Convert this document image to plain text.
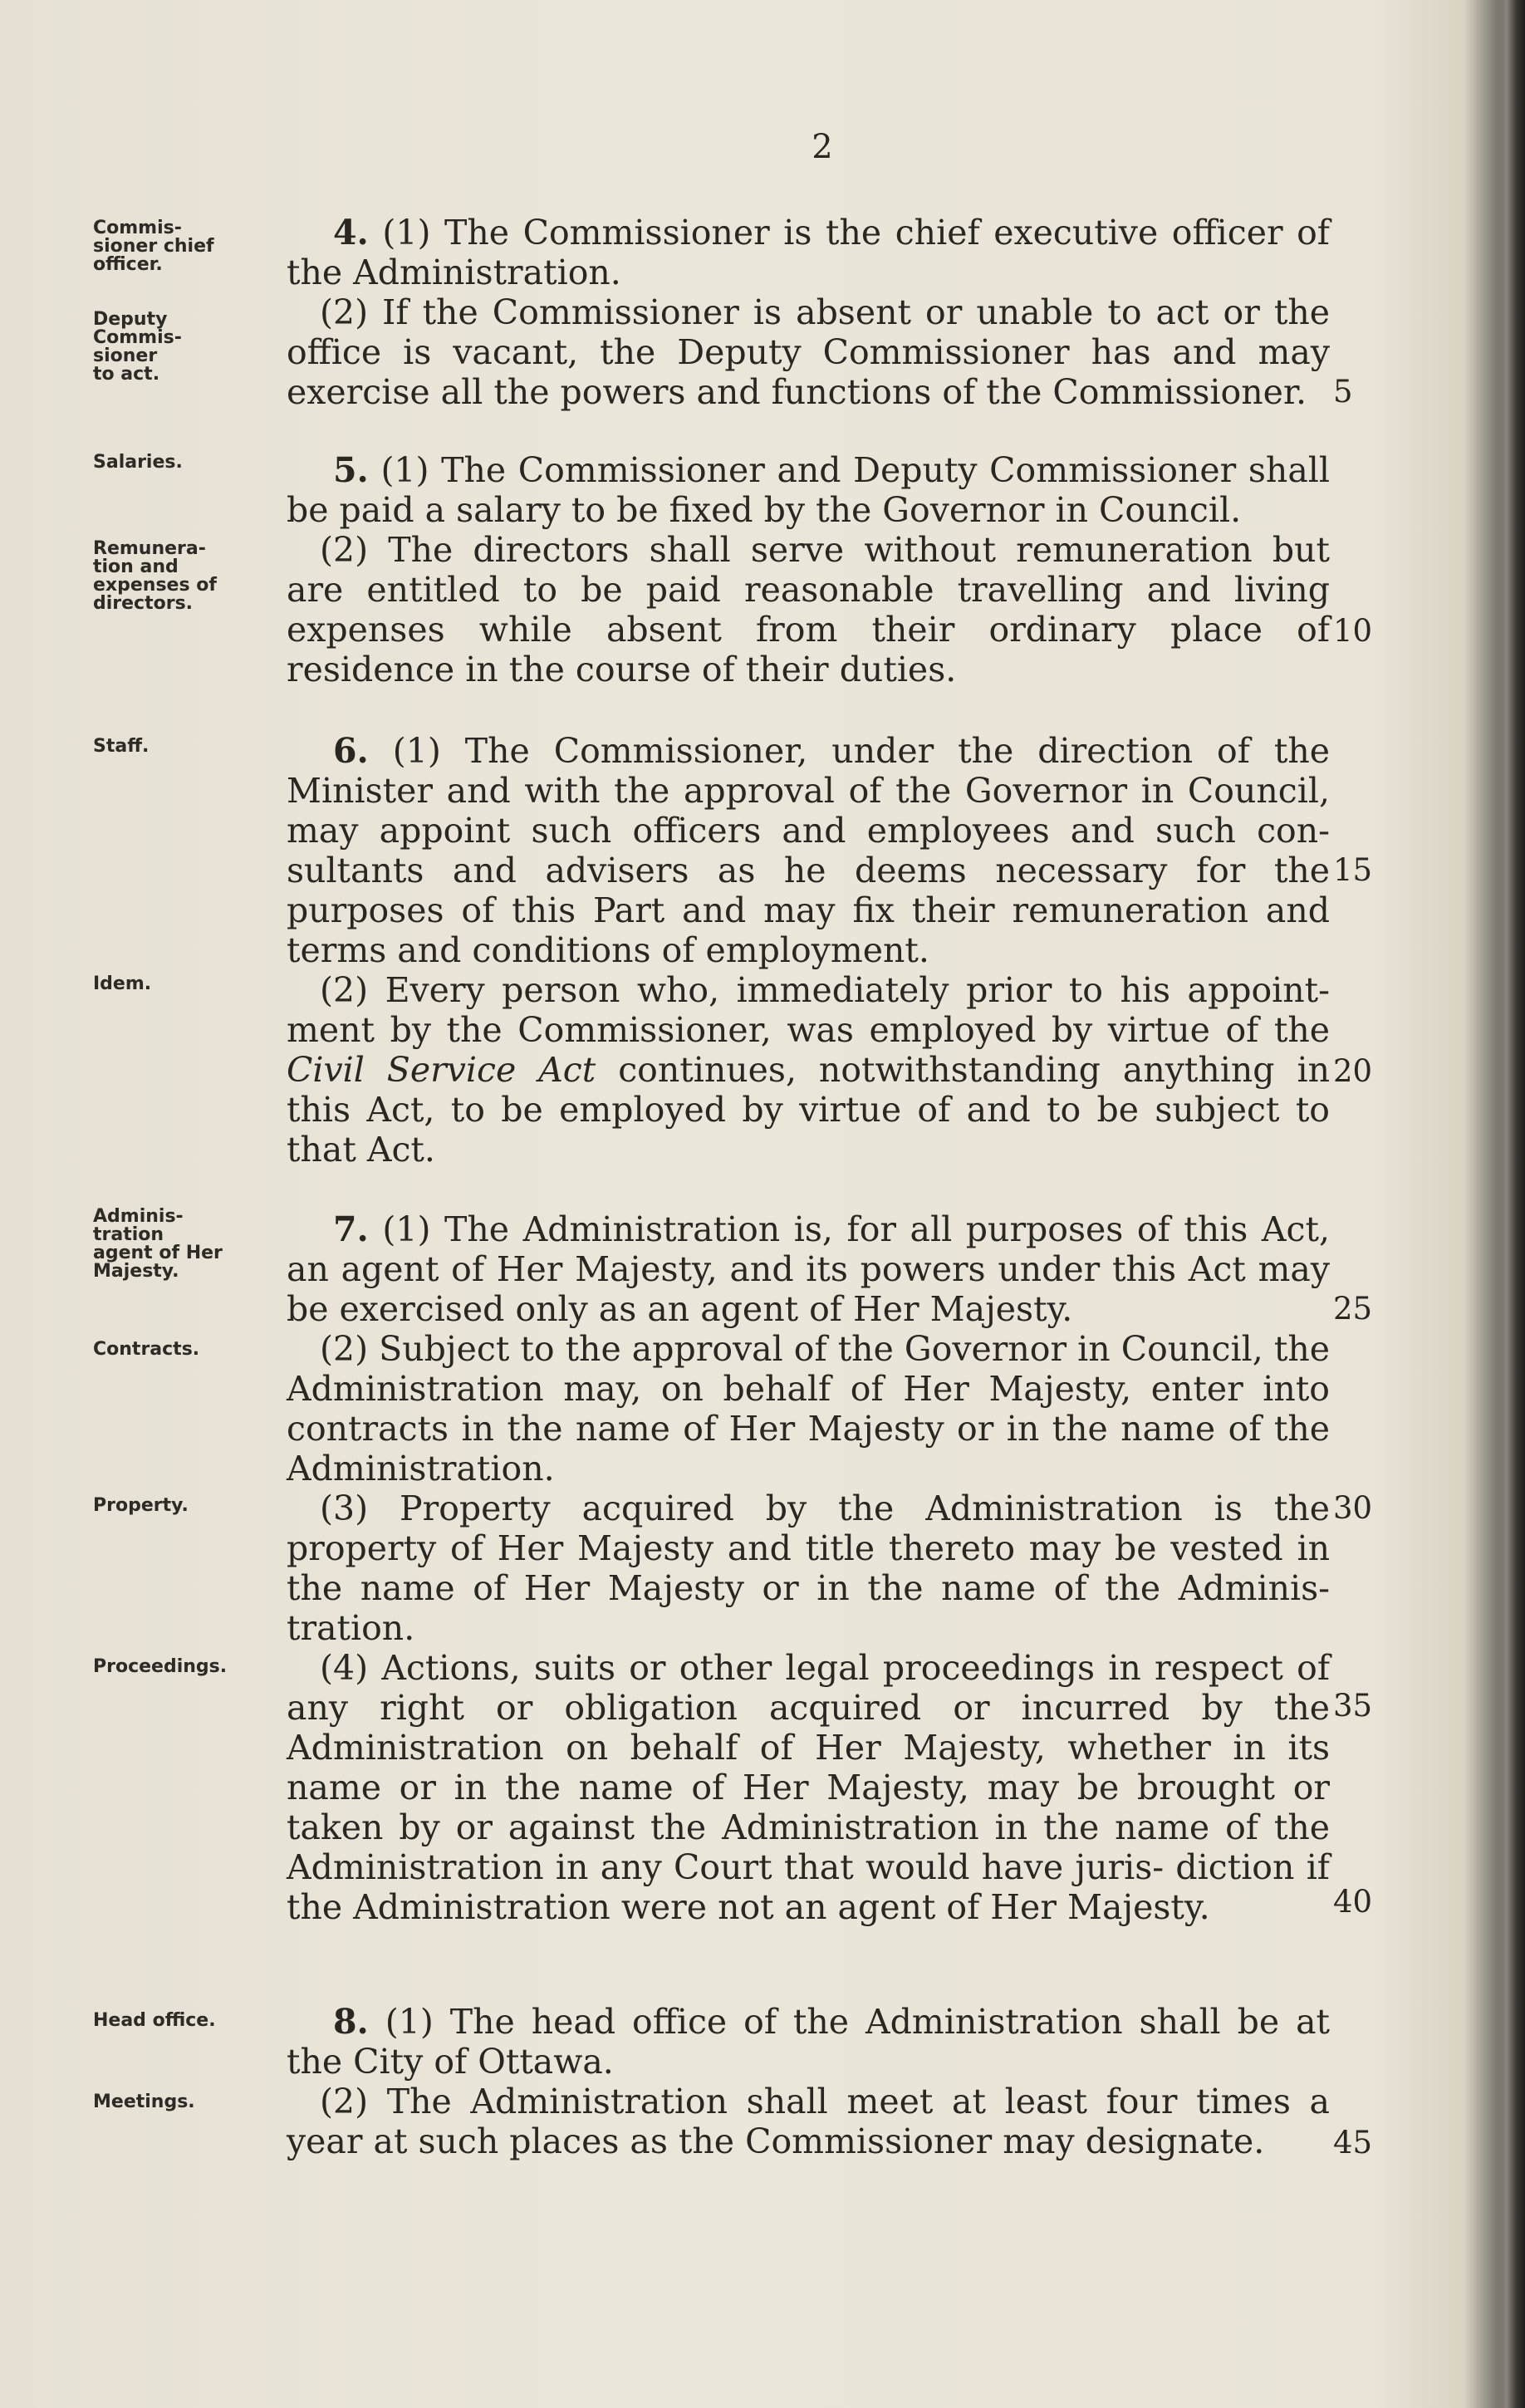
2
Commis-
sioner chief
officer.
Deputy
Commis-
sioner
to act.
Salaries.
Remunera-
tion and
expenses of
directors.
Staff.
Idem.
Adminis-
tration
agent of Her
Majesty.
Contracts.
Property.
Proceedings.
Head office.
Meetings.

4. (1) The Commissioner is the chief executive officer of the Administration.

(2) If the Commissioner is absent or unable to act or the office is vacant, the Deputy Commissioner has and may exercise all the powers and functions of the Commissioner.

5. (1) The Commissioner and Deputy Commissioner shall be paid a salary to be fixed by the Governor in Council.

(2) The directors shall serve without remuneration but are entitled to be paid reasonable travelling and living expenses while absent from their ordinary place of residence in the course of their duties.

6. (1) The Commissioner, under the direction of the Minister and with the approval of the Governor in Council, may appoint such officers and employees and such con- sultants and advisers as he deems necessary for the purposes of this Part and may fix their remuneration and terms and conditions of employment.

(2) Every person who, immediately prior to his appoint- ment by the Commissioner, was employed by virtue of the Civil Service Act continues, notwithstanding anything in this Act, to be employed by virtue of and to be subject to that Act.

7. (1) The Administration is, for all purposes of this Act, an agent of Her Majesty, and its powers under this Act may be exercised only as an agent of Her Majesty.

(2) Subject to the approval of the Governor in Council, the Administration may, on behalf of Her Majesty, enter into contracts in the name of Her Majesty or in the name of the Administration.

(3) Property acquired by the Administration is the property of Her Majesty and title thereto may be vested in the name of Her Majesty or in the name of the Adminis- tration.

(4) Actions, suits or other legal proceedings in respect of any right or obligation acquired or incurred by the Administration on behalf of Her Majesty, whether in its name or in the name of Her Majesty, may be brought or taken by or against the Administration in the name of the Administration in any Court that would have juris- diction if the Administration were not an agent of Her Majesty.

8. (1) The head office of the Administration shall be at the City of Ottawa.

(2) The Administration shall meet at least four times a year at such places as the Commissioner may designate.

5
10
15
20
25
30
35
40
45
